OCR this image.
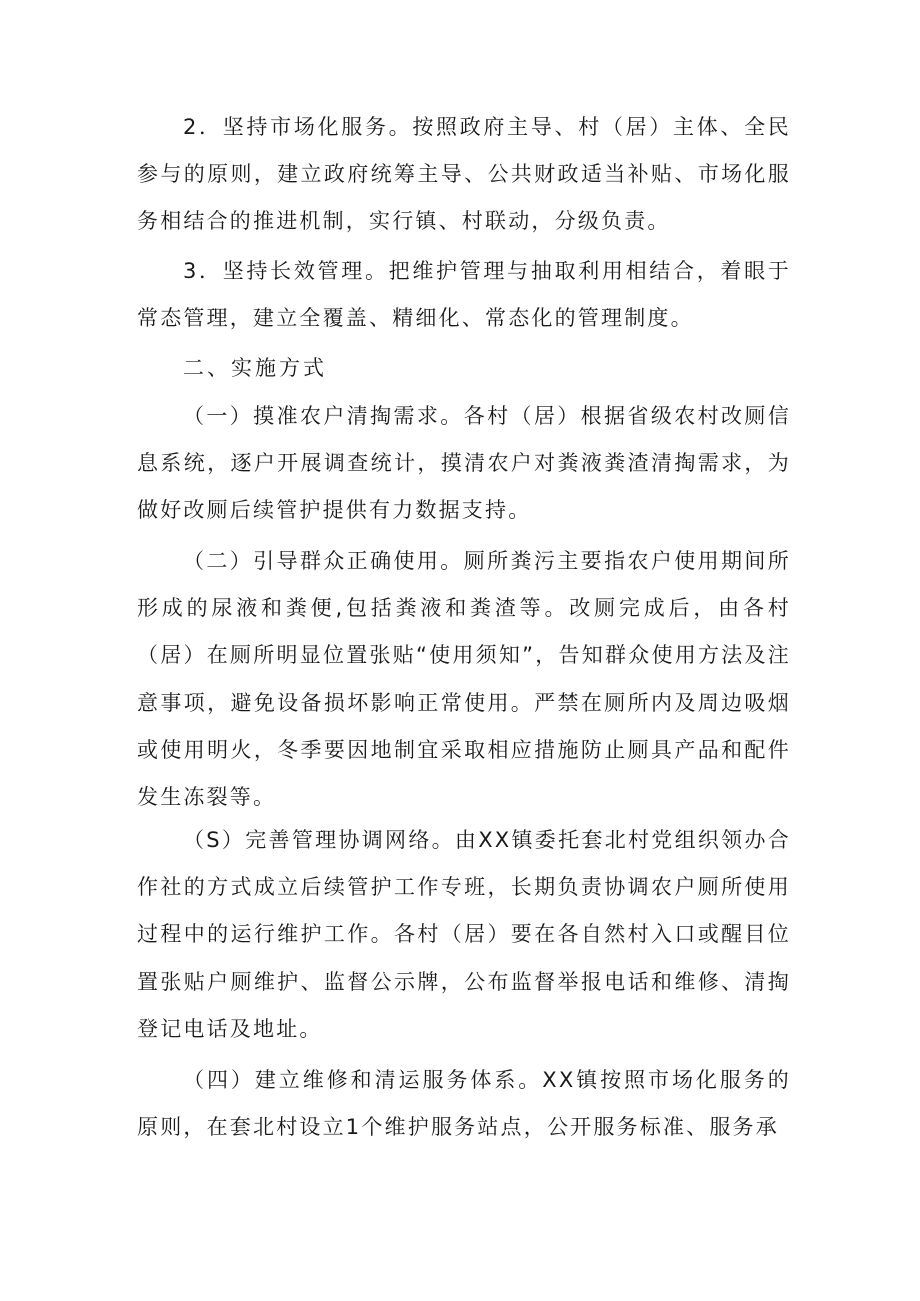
2．坚持市场化服务。按照政府主导、村（居）主体、全民参与的原则，建立政府统筹主导、公共财政适当补贴、市场化服务相结合的推进机制，实行镇、村联动，分级负责。

3．坚持长效管理。把维护管理与抽取利用相结合，着眼于常态管理，建立全覆盖、精细化、常态化的管理制度。

二、实施方式

（一）摸准农户清掏需求。各村（居）根据省级农村改厕信息系统，逐户开展调查统计，摸清农户对粪液粪渣清掏需求，为做好改厕后续管护提供有力数据支持。

（二）引导群众正确使用。厕所粪污主要指农户使用期间所形成的尿液和粪便,包括粪液和粪渣等。改厕完成后，由各村（居）在厕所明显位置张贴“使用须知”，告知群众使用方法及注意事项，避免设备损坏影响正常使用。严禁在厕所内及周边吸烟或使用明火，冬季要因地制宜采取相应措施防止厕具产品和配件发生冻裂等。

（S）完善管理协调网络。由XX镇委托套北村党组织领办合作社的方式成立后续管护工作专班，长期负责协调农户厕所使用过程中的运行维护工作。各村（居）要在各自然村入口或醒目位置张贴户厕维护、监督公示牌，公布监督举报电话和维修、清掏登记电话及地址。

（四）建立维修和清运服务体系。XX镇按照市场化服务的原则，在套北村设立1个维护服务站点，公开服务标准、服务承
